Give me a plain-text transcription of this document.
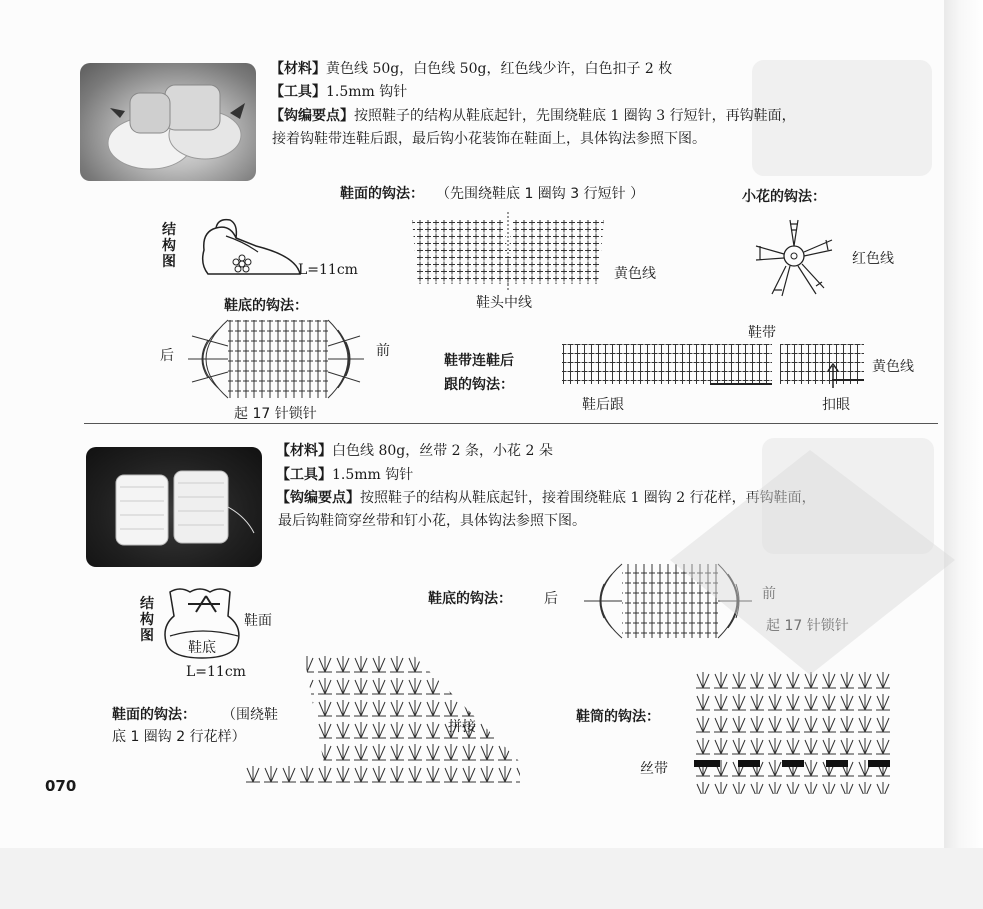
【材料】黄色线 50g，白色线 50g，红色线少许，白色扣子 2 枚
【工具】1.5mm 钩针
【钩编要点】按照鞋子的结构从鞋底起针，先围绕鞋底 1 圈钩 3 行短针，再钩鞋面，
接着钩鞋带连鞋后跟，最后钩小花装饰在鞋面上，具体钩法参照下图。
鞋面的钩法： （先围绕鞋底 1 圈钩 3 行短针 ）	小花的钩法：
结构图	L=11cm	黄色线
鞋头中线
红色线
鞋底的钩法：
后	前
起 17 针锁针
鞋带连鞋后
跟的钩法：
鞋带
黄色线
鞋后跟	扣眼
【材料】白色线 80g，丝带 2 条，小花 2 朵
【工具】1.5mm 钩针
【钩编要点】按照鞋子的结构从鞋底起针，接着围绕鞋底 1 圈钩 2 行花样，再钩鞋面，
最后钩鞋筒穿丝带和钉小花，具体钩法参照下图。
结构图
鞋面
鞋底
L=11cm
鞋底的钩法： 后	前
起 17 针锁针
鞋面的钩法： （围绕鞋
底 1 圈钩 2 行花样）
拼接
鞋筒的钩法：
丝带
070
